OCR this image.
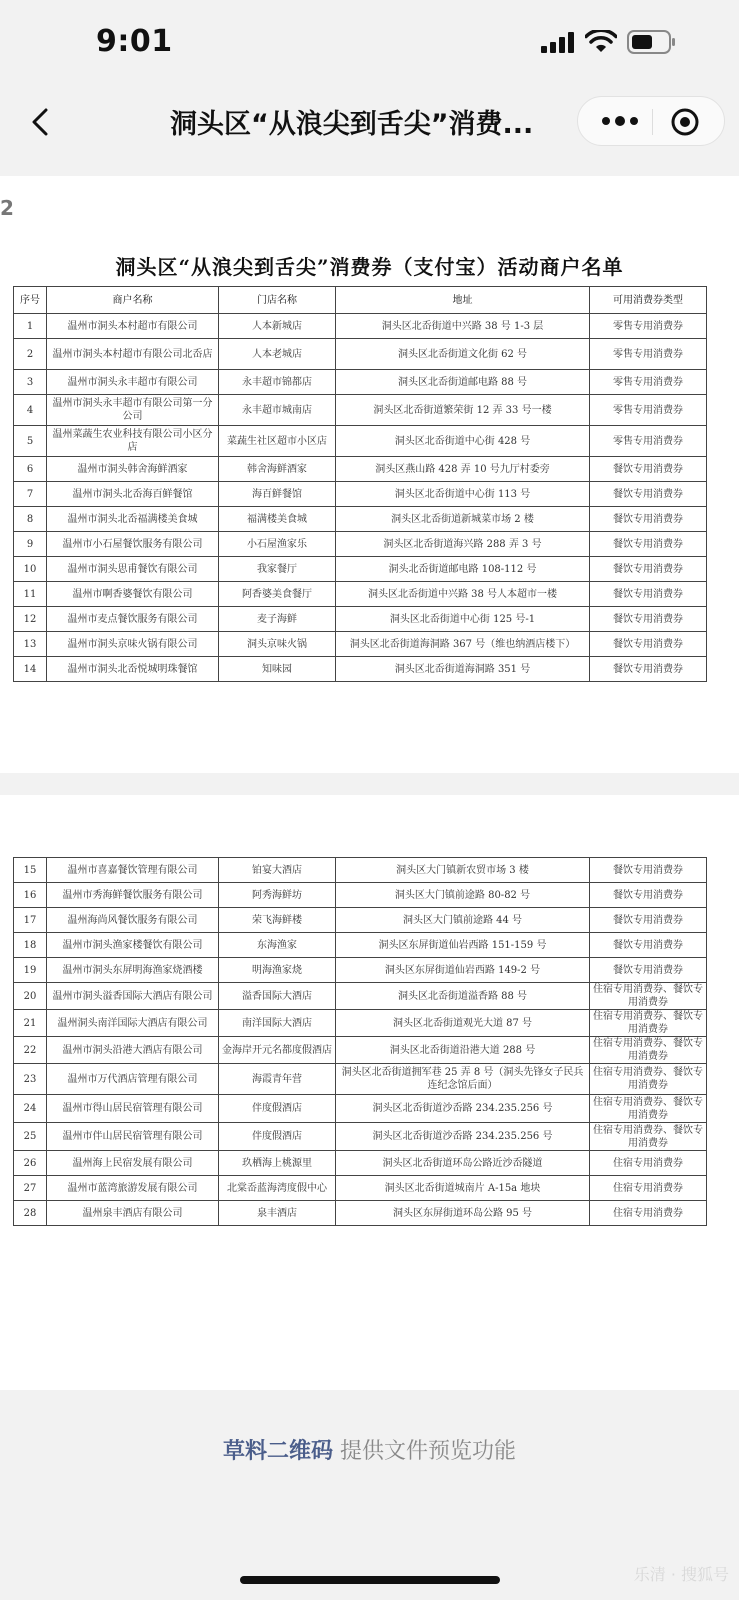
9:01
洞头区“从浪尖到舌尖”消费...
2
洞头区“从浪尖到舌尖”消费券（支付宝）活动商户名单
序号	商户名称	门店名称	地址	可用消费券类型
1	温州市洞头本村超市有限公司	人本新城店	洞头区北岙街道中兴路 38 号 1-3 层	零售专用消费券
2	温州市洞头本村超市有限公司北岙店	人本老城店	洞头区北岙街道文化街 62 号	零售专用消费券
3	温州市洞头永丰超市有限公司	永丰超市锦都店	洞头区北岙街道邮电路 88 号	零售专用消费券
4	温州市洞头永丰超市有限公司第一分公司	永丰超市城南店	洞头区北岙街道繁荣街 12 弄 33 号一楼	零售专用消费券
5	温州菜蔬生农业科技有限公司小区分店	菜蔬生社区超市小区店	洞头区北岙街道中心街 428 号	零售专用消费券
6	温州市洞头韩舍海鲜酒家	韩舍海鲜酒家	洞头区燕山路 428 弄 10 号九厅村委旁	餐饮专用消费券
7	温州市洞头北岙海百鲜餐馆	海百鲜餐馆	洞头区北岙街道中心街 113 号	餐饮专用消费券
8	温州市洞头北岙福满楼美食城	福满楼美食城	洞头区北岙街道新城菜市场 2 楼	餐饮专用消费券
9	温州市小石屋餐饮服务有限公司	小石屋渔家乐	洞头区北岙街道海兴路 288 弄 3 号	餐饮专用消费券
10	温州市洞头思甫餐饮有限公司	我家餐厅	洞头北岙街道邮电路 108-112 号	餐饮专用消费券
11	温州市啊香婆餐饮有限公司	阿香婆美食餐厅	洞头区北岙街道中兴路 38 号人本超市一楼	餐饮专用消费券
12	温州市麦点餐饮服务有限公司	麦子海鲜	洞头区北岙街道中心街 125 号-1	餐饮专用消费券
13	温州市洞头京味火锅有限公司	洞头京味火锅	洞头区北岙街道海洞路 367 号（维也纳酒店楼下）	餐饮专用消费券
14	温州市洞头北岙悦城明珠餐馆	知味园	洞头区北岙街道海洞路 351 号	餐饮专用消费券
15	温州市喜嘉餐饮管理有限公司	铂宴大酒店	洞头区大门镇新农贸市场 3 楼	餐饮专用消费券
16	温州市秀海鲜餐饮服务有限公司	阿秀海鲜坊	洞头区大门镇前途路 80-82 号	餐饮专用消费券
17	温州海尚风餐饮服务有限公司	荣飞海鲜楼	洞头区大门镇前途路 44 号	餐饮专用消费券
18	温州市洞头渔家楼餐饮有限公司	东海渔家	洞头区东屏街道仙岩西路 151-159 号	餐饮专用消费券
19	温州市洞头东屏明海渔家烧酒楼	明海渔家烧	洞头区东屏街道仙岩西路 149-2 号	餐饮专用消费券
20	温州市洞头溢香国际大酒店有限公司	溢香国际大酒店	洞头区北岙街道溢香路 88 号	住宿专用消费券、餐饮专用消费券
21	温州洞头南洋国际大酒店有限公司	南洋国际大酒店	洞头区北岙街道观光大道 87 号	住宿专用消费券、餐饮专用消费券
22	温州市洞头沿港大酒店有限公司	金海岸开元名都度假酒店	洞头区北岙街道沿港大道 288 号	住宿专用消费券、餐饮专用消费券
23	温州市万代酒店管理有限公司	海霞青年营	洞头区北岙街道拥军巷 25 弄 8 号（洞头先锋女子民兵连纪念馆后面）	住宿专用消费券、餐饮专用消费券
24	温州市得山居民宿管理有限公司	伴度假酒店	洞头区北岙街道沙岙路 234.235.256 号	住宿专用消费券、餐饮专用消费券
25	温州市伴山居民宿管理有限公司	伴度假酒店	洞头区北岙街道沙岙路 234.235.256 号	住宿专用消费券、餐饮专用消费券
26	温州海上民宿发展有限公司	玖栖海上桃源里	洞头区北岙街道环岛公路近沙岙隧道	住宿专用消费券
27	温州市蓝湾旅游发展有限公司	北棠岙蓝海湾度假中心	洞头区北岙街道城南片 A-15a 地块	住宿专用消费券
28	温州泉丰酒店有限公司	泉丰酒店	洞头区东屏街道环岛公路 95 号	住宿专用消费券
草料二维码 提供文件预览功能
乐清 · 搜狐号
